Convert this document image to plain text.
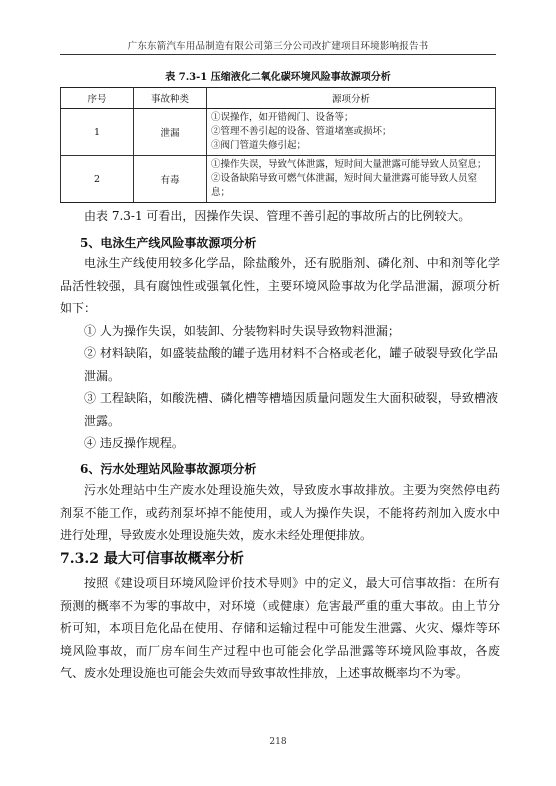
广东东箭汽车用品制造有限公司第三分公司改扩建项目环境影响报告书
表 7.3-1 压缩液化二氧化碳环境风险事故源项分析
序号	事故种类	源项分析
1	泄漏	①误操作，如开错阀门、设备等；
②管理不善引起的设备、管道堵塞或损坏；
③阀门管道失修引起；

2	有毒	①操作失误，导致气体泄露，短时间大量泄露可能导致人员窒息；
②设备缺陷导致可燃气体泄漏，短时间大量泄露可能导致人员窒息；
由表 7.3-1 可看出，因操作失误、管理不善引起的事故所占的比例较大。
5、电泳生产线风险事故源项分析
电泳生产线使用较多化学品，除盐酸外，还有脱脂剂、磷化剂、中和剂等化学品活性较强，具有腐蚀性或强氧化性，主要环境风险事故为化学品泄漏，源项分析如下：
① 人为操作失误，如装卸、分装物料时失误导致物料泄漏；
② 材料缺陷，如盛装盐酸的罐子选用材料不合格或老化，罐子破裂导致化学品泄漏。
③ 工程缺陷，如酸洗槽、磷化槽等槽墙因质量问题发生大面积破裂，导致槽液泄露。
④ 违反操作规程。
6、污水处理站风险事故源项分析
污水处理站中生产废水处理设施失效，导致废水事故排放。主要为突然停电药剂泵不能工作，或药剂泵坏掉不能使用，或人为操作失误，不能将药剂加入废水中进行处理，导致废水处理设施失效，废水未经处理便排放。
7.3.2 最大可信事故概率分析
按照《建设项目环境风险评价技术导则》中的定义，最大可信事故指：在所有预测的概率不为零的事故中，对环境（或健康）危害最严重的重大事故。由上节分析可知，本项目危化品在使用、存储和运输过程中可能发生泄露、火灾、爆炸等环境风险事故，而厂房车间生产过程中也可能会化学品泄露等环境风险事故，各废气、废水处理设施也可能会失效而导致事故性排放，上述事故概率均不为零。
218
